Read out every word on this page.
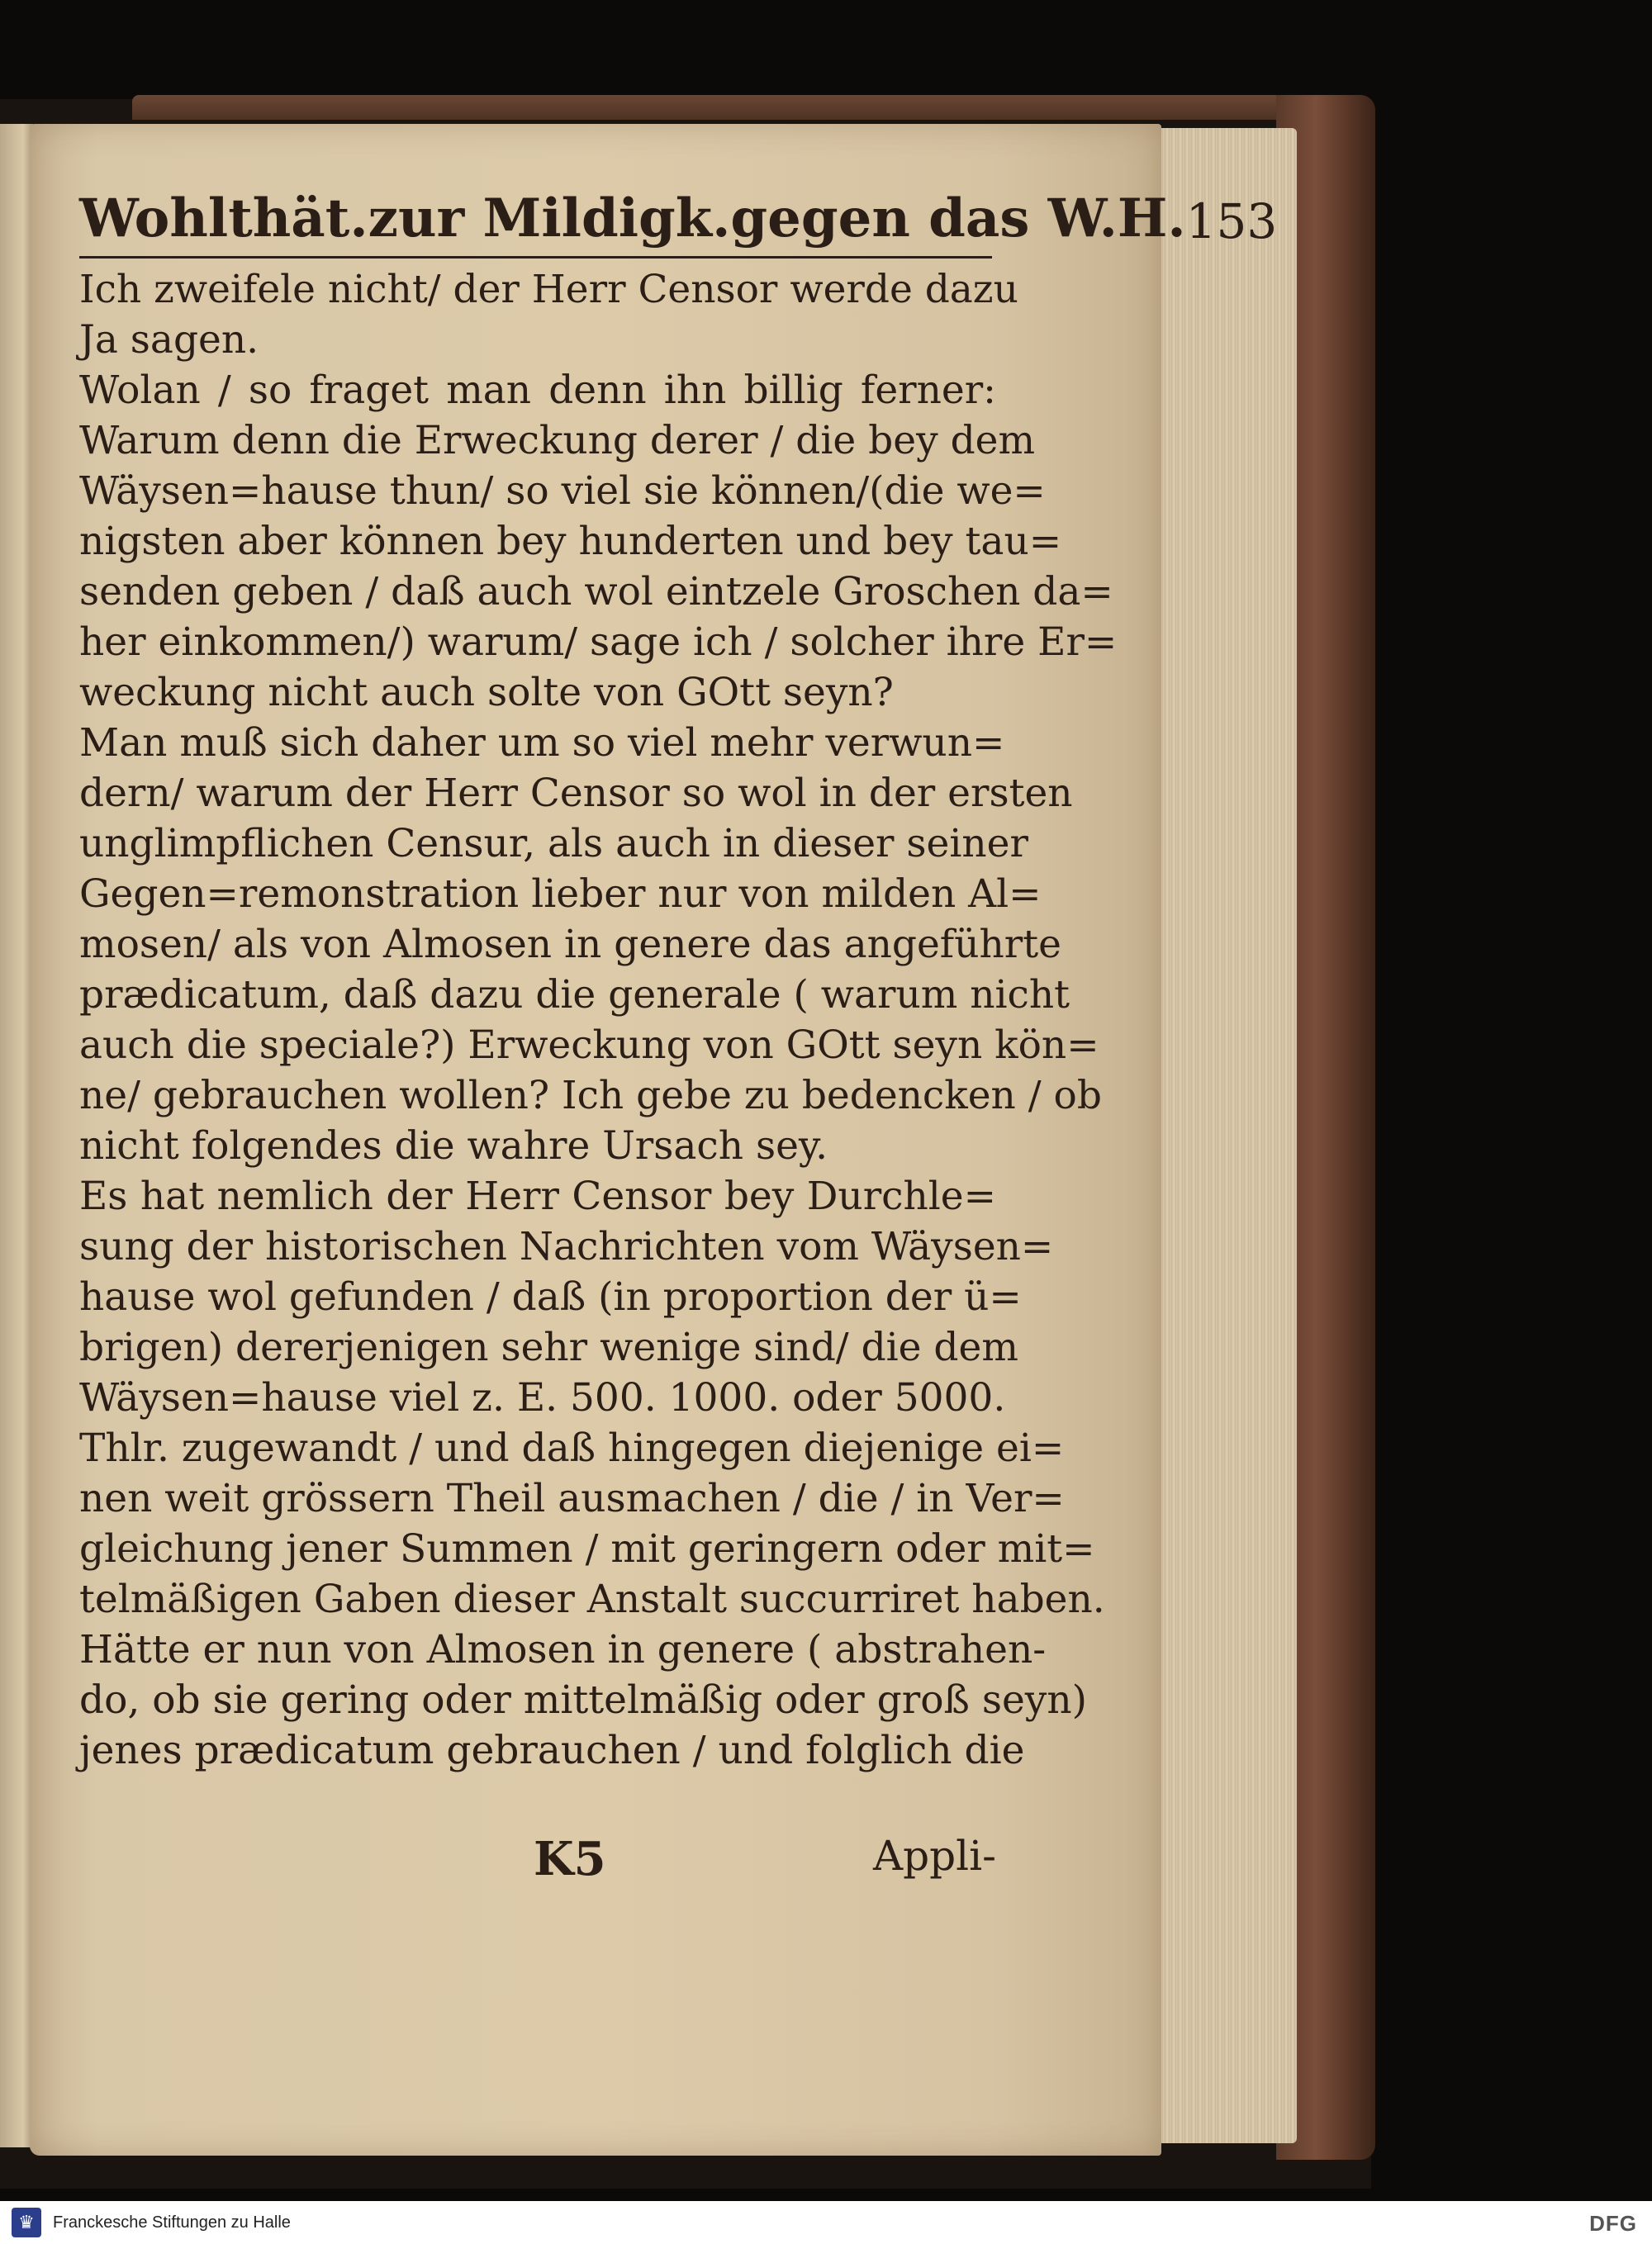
Wohlthät.zur Mildigk.gegen das W.H. 153
Ich zweifele nicht/ der Herr Censor werde dazu
Ja sagen.
Wolan / so fraget man denn ihn billig ferner:
Warum denn die Erweckung derer / die bey dem
Wäysen=hause thun/ so viel sie können/(die we=
nigsten aber können bey hunderten und bey tau=
senden geben / daß auch wol eintzele Groschen da=
her einkommen/) warum/ sage ich / solcher ihre Er=
weckung nicht auch solte von GOtt seyn?
Man muß sich daher um so viel mehr verwun=
dern/ warum der Herr Censor so wol in der ersten
unglimpflichen Censur, als auch in dieser seiner
Gegen=remonstration lieber nur von milden Al=
mosen/ als von Almosen in genere das angeführte
prædicatum, daß dazu die generale ( warum nicht
auch die speciale?) Erweckung von GOtt seyn kön=
ne/ gebrauchen wollen? Ich gebe zu bedencken / ob
nicht folgendes die wahre Ursach sey.
Es hat nemlich der Herr Censor bey Durchle=
sung der historischen Nachrichten vom Wäysen=
hause wol gefunden / daß (in proportion der ü=
brigen) dererjenigen sehr wenige sind/ die dem
Wäysen=hause viel z. E. 500. 1000. oder 5000.
Thlr. zugewandt / und daß hingegen diejenige ei=
nen weit grössern Theil ausmachen / die / in Ver=
gleichung jener Summen / mit geringern oder mit=
telmäßigen Gaben dieser Anstalt succurriret haben.
Hätte er nun von Almosen in genere ( abstrahen-
do, ob sie gering oder mittelmäßig oder groß seyn)
jenes prædicatum gebrauchen / und folglich die
K5	Appli-
♛	Franckesche Stiftungen zu Halle	DFG
